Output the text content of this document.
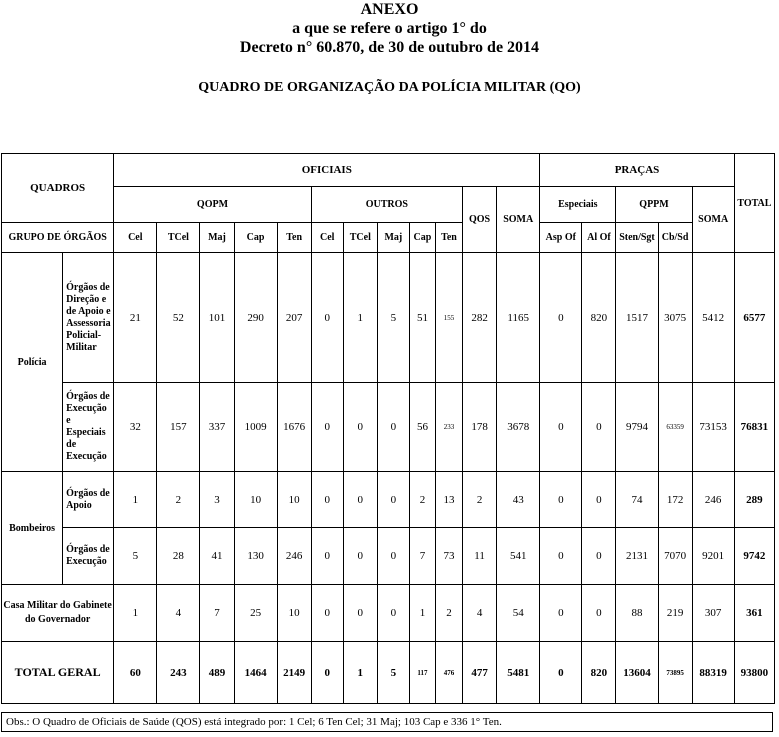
ANEXO
a que se refere o artigo 1° do
Decreto n° 60.870, de 30 de outubro de 2014
QUADRO DE ORGANIZAÇÃO DA POLÍCIA MILITAR (QO)
QUADROS		OFICIAIS												PRAÇAS					TOTAL
		QOPM					OUTROS					QOS	SOMA	Especiais		QPPM		SOMA	
GRUPO DE ÓRGÃOS		Cel	TCel	Maj	Cap	Ten	Cel	TCel	Maj	Cap	Ten			Asp Of	Al Of	Sten/Sgt	Cb/Sd		
Polícia	Órgãos de Direção e de Apoio e Assessoria Policial-Militar	21	52	101	290	207	0	1	5	51	155	282	1165	0	820	1517	3075	5412	6577
	Órgãos de Execução e Especiais de Execução	32	157	337	1009	1676	0	0	0	56	233	178	3678	0	0	9794	63359	73153	76831
Bombeiros	Órgãos de Apoio	1	2	3	10	10	0	0	0	2	13	2	43	0	0	74	172	246	289
	Órgãos de Execução	5	28	41	130	246	0	0	0	7	73	11	541	0	0	2131	7070	9201	9742
Casa Militar do Gabinete do Governador		1	4	7	25	10	0	0	0	1	2	4	54	0	0	88	219	307	361
TOTAL GERAL		60	243	489	1464	2149	0	1	5	117	476	477	5481	0	820	13604	73895	88319	93800
Obs.: O Quadro de Oficiais de Saúde (QOS) está integrado por: 1 Cel; 6 Ten Cel; 31 Maj; 103 Cap e 336 1° Ten.
